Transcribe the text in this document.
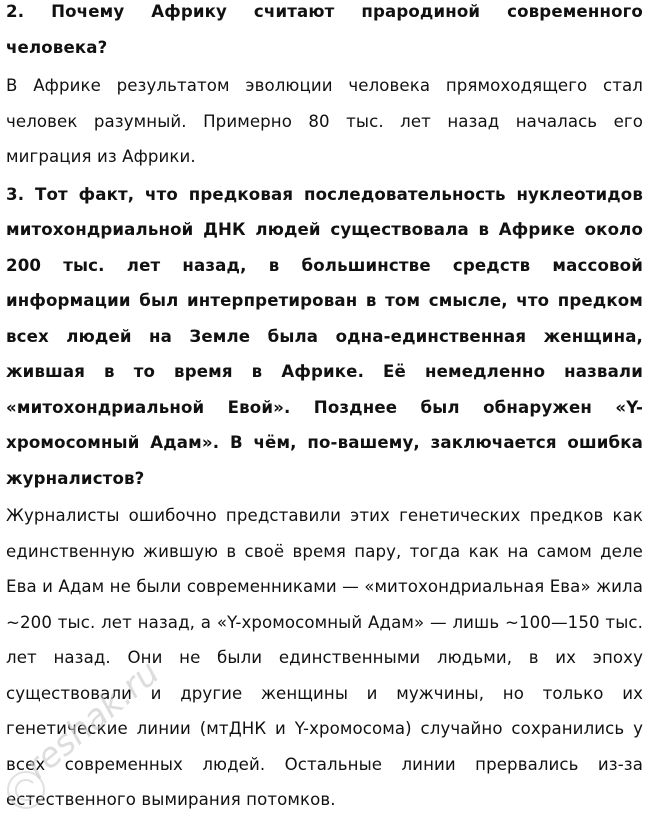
2. Почему Африку считают прародиной современного человека?

В Африке результатом эволюции человека прямоходящего стал человек разумный. Примерно 80 тыс. лет назад началась его миграция из Африки.

3. Тот факт, что предковая последовательность нуклеотидов митохондриальной ДНК людей существовала в Африке около 200 тыс. лет назад, в большинстве средств массовой информации был интерпретирован в том смысле, что предком всех людей на Земле была одна-единственная женщина, жившая в то время в Африке. Её немедленно назвали «митохондриальной Евой». Позднее был обнаружен «Y-хромосомный Адам». В чём, по-вашему, заключается ошибка журналистов?

Журналисты ошибочно представили этих генетических предков как единственную жившую в своё время пару, тогда как на самом деле Ева и Адам не были современниками — «митохондриальная Ева» жила ~200 тыс. лет назад, а «Y-хромосомный Адам» — лишь ~100—150 тыс. лет назад. Они не были единственными людьми, в их эпоху существовали и другие женщины и мужчины, но только их генетические линии (мтДНК и Y-хромосома) случайно сохранились у всех современных людей. Остальные линии прервались из-за естественного вымирания потомков.

reshak.ru
